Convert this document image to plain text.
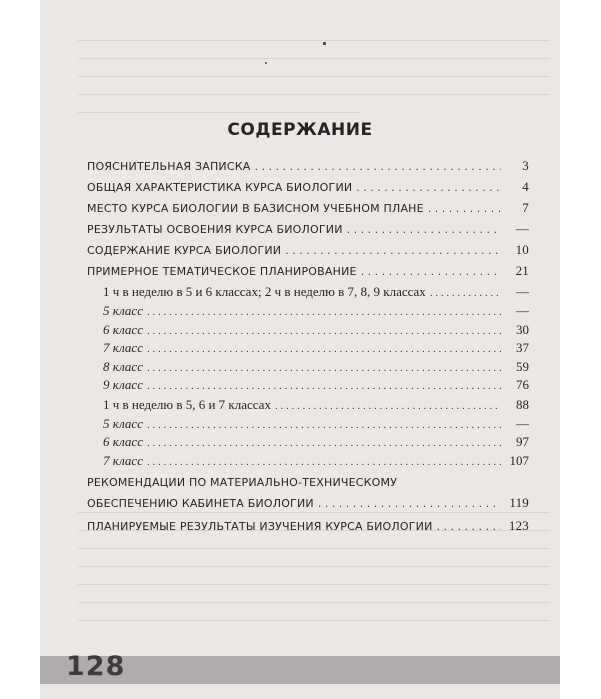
СОДЕРЖАНИЕ
ПОЯСНИТЕЛЬНАЯ ЗАПИСКА . . .	3
ОБЩАЯ ХАРАКТЕРИСТИКА КУРСА БИОЛОГИИ . . .	4
МЕСТО КУРСА БИОЛОГИИ В БАЗИСНОМ УЧЕБНОМ ПЛАНЕ . . .	7
РЕЗУЛЬТАТЫ ОСВОЕНИЯ КУРСА БИОЛОГИИ . . .	—
СОДЕРЖАНИЕ КУРСА БИОЛОГИИ . . .	10
ПРИМЕРНОЕ ТЕМАТИЧЕСКОЕ ПЛАНИРОВАНИЕ . . .	21
1 ч в неделю в 5 и 6 классах; 2 ч в неделю в 7, 8, 9 классах . . .	—
5 класс . . .	—
6 класс . . .	30
7 класс . . .	37
8 класс . . .	59
9 класс . . .	76
1 ч в неделю в 5, 6 и 7 классах . . .	88
5 класс . . .	—
6 класс . . .	97
7 класс . . .	107
РЕКОМЕНДАЦИИ ПО МАТЕРИАЛЬНО-ТЕХНИЧЕСКОМУ
ОБЕСПЕЧЕНИЮ КАБИНЕТА БИОЛОГИИ . . .	119
ПЛАНИРУЕМЫЕ РЕЗУЛЬТАТЫ ИЗУЧЕНИЯ КУРСА БИОЛОГИИ . . .	123
128
